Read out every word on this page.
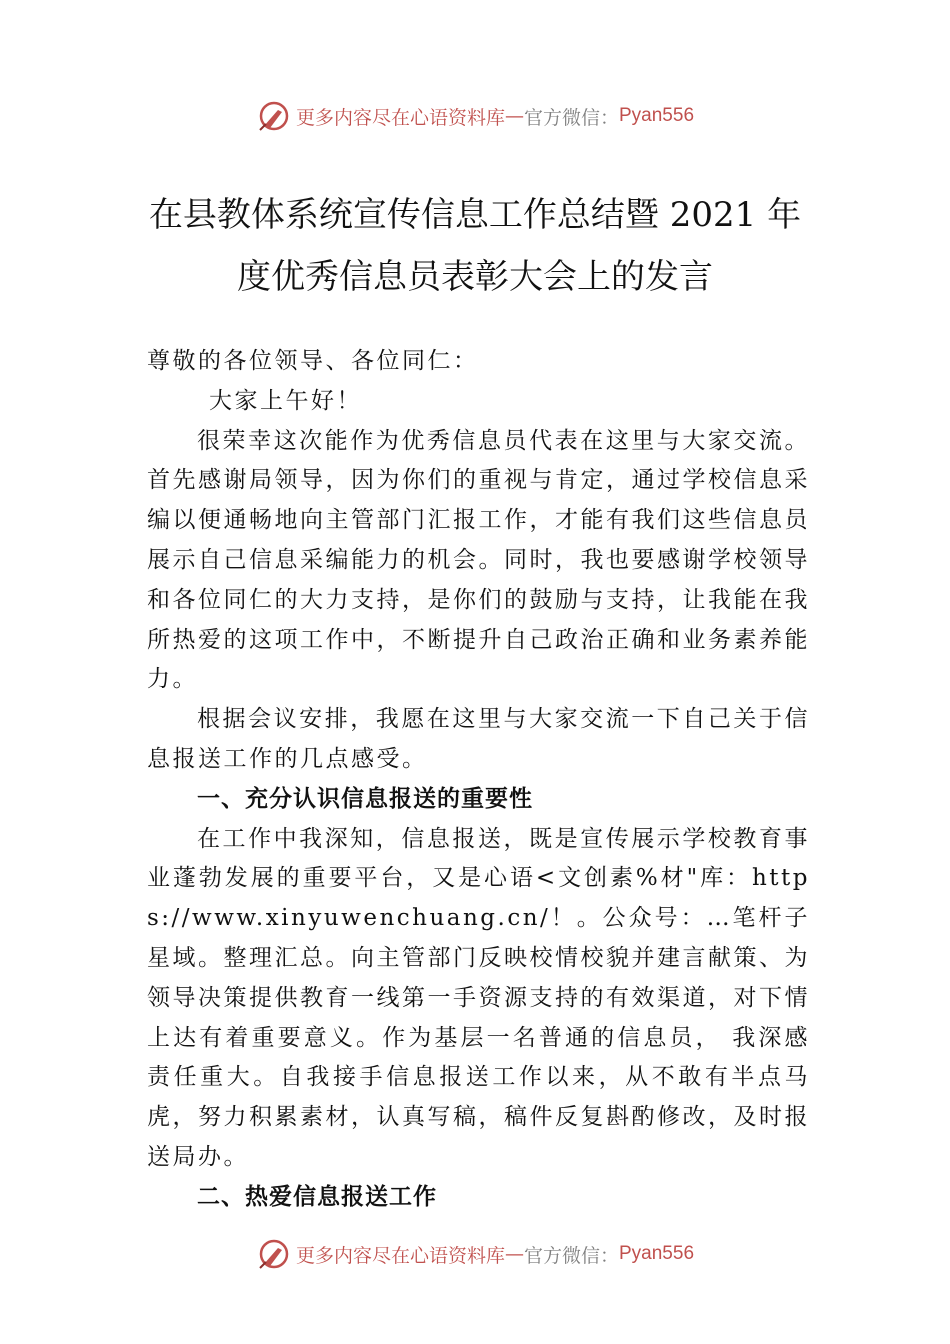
更多内容尽在心语资料库 — 官方微信： Pyan556
在县教体系统宣传信息工作总结暨 2021 年
度优秀信息员表彰大会上的发言

尊敬的各位领导、各位同仁：

大家上午好！

很荣幸这次能作为优秀信息员代表在这里与大家交流。首先感谢局领导，因为你们的重视与肯定，通过学校信息采编以便通畅地向主管部门汇报工作，才能有我们这些信息员展示自己信息采编能力的机会。同时，我也要感谢学校领导和各位同仁的大力支持，是你们的鼓励与支持，让我能在我所热爱的这项工作中，不断提升自己政治正确和业务素养能力。

根据会议安排，我愿在这里与大家交流一下自己关于信息报送工作的几点感受。

一、充分认识信息报送的重要性

在工作中我深知，信息报送，既是宣传展示学校教育事业蓬勃发展的重要平台，又是心语<文创素%材"库：https://www.xinyuwenchuang.cn/！。公众号：…笔杆子星域。整理汇总。向主管部门反映校情校貌并建言献策、为领导决策提供教育一线第一手资源支持的有效渠道，对下情上达有着重要意义。作为基层一名普通的信息员， 我深感责任重大。自我接手信息报送工作以来，从不敢有半点马虎，努力积累素材，认真写稿，稿件反复斟酌修改，及时报送局办。

二、热爱信息报送工作

更多内容尽在心语资料库 — 官方微信： Pyan556
